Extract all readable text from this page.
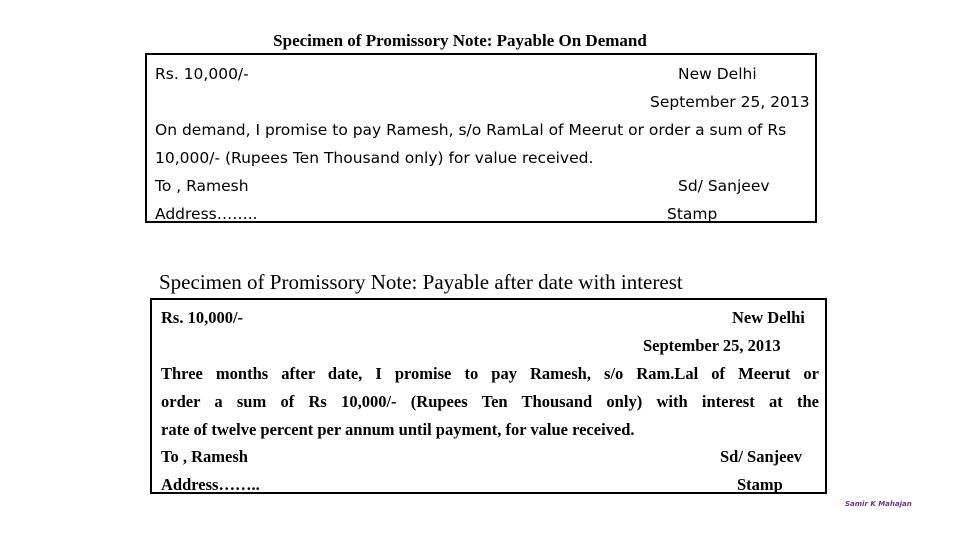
Specimen of Promissory Note: Payable On Demand
Rs. 10,000/-	New Delhi
September 25, 2013
On demand, I promise to pay Ramesh, s/o RamLal of Meerut or order a sum of Rs
10,000/- (Rupees Ten Thousand only) for value received.
To , Ramesh	Sd/ Sanjeev
Address……..	Stamp
Specimen of Promissory Note: Payable after date with interest
Rs. 10,000/-	New Delhi
September 25, 2013
Three months after date, I promise to pay Ramesh, s/o Ram.Lal of Meerut or
order a sum of Rs 10,000/- (Rupees Ten Thousand only) with interest at the
rate of twelve percent per annum until payment, for value received.
To , Ramesh	Sd/ Sanjeev
Address……..	Stamp
Samir K Mahajan
